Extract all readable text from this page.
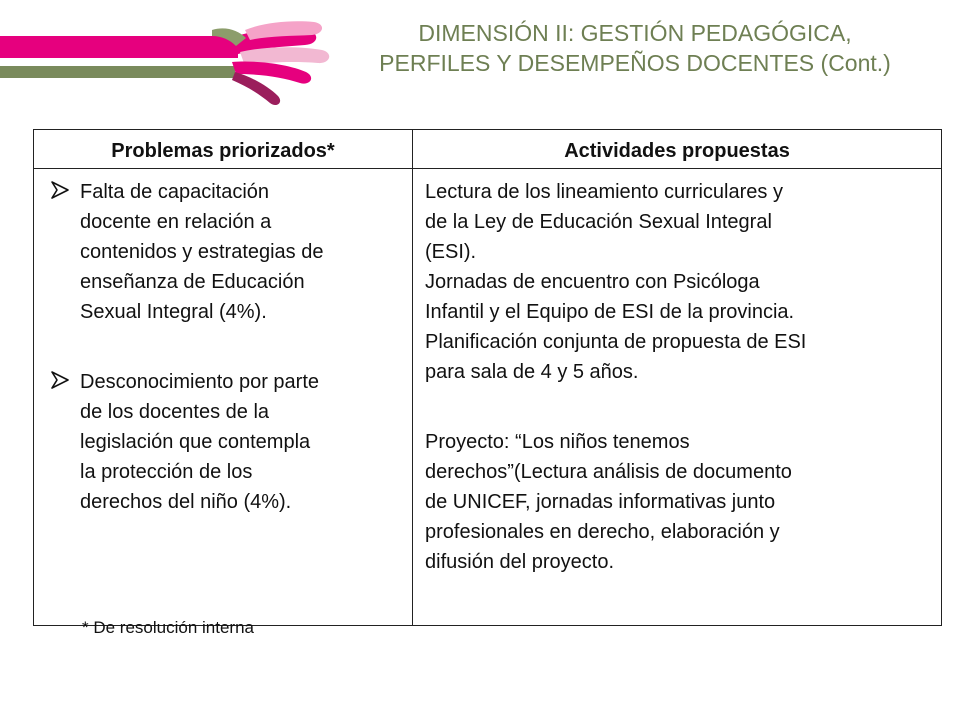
DIMENSIÓN II: GESTIÓN PEDAGÓGICA,
PERFILES Y DESEMPEÑOS DOCENTES (Cont.)
Problemas priorizados*	Actividades propuestas
Falta de capacitación
docente en relación a
contenidos y estrategias de
enseñanza de Educación
Sexual Integral (4%).
Desconocimiento por parte
de los docentes de la
legislación que contempla
la protección de los
derechos del niño (4%).
* De resolución interna
Lectura de los lineamiento curriculares y
de la Ley de Educación Sexual Integral
(ESI).
Jornadas de encuentro con Psicóloga
Infantil y el Equipo de ESI de la provincia.
Planificación conjunta de propuesta de ESI
para sala de 4 y 5 años.
Proyecto: “Los niños tenemos
derechos”(Lectura análisis de documento
de UNICEF, jornadas informativas junto
profesionales en derecho, elaboración y
difusión del proyecto.
